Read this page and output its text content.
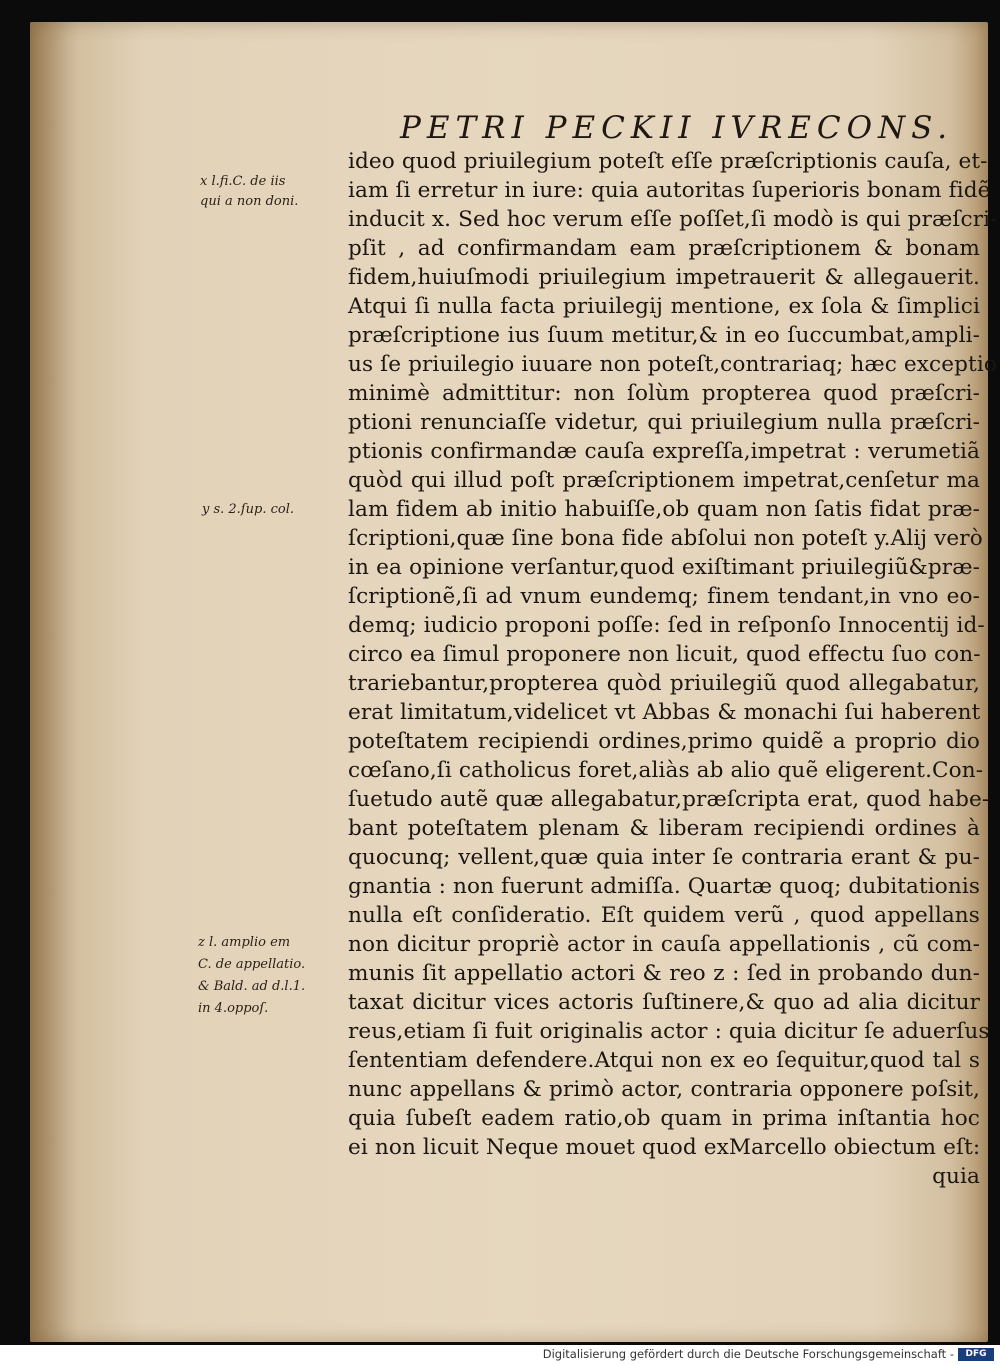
PETRI PECKII IVRECONS.
x l.fi.C. de iis
qui a non doni.
y s. 2.ſup. col.
z l. amplio em
C. de appellatio.
& Bald. ad d.l.1.
in 4.oppoſ.
ideo quod priuilegium poteſt eſſe præſcriptionis cauſa, et-
iam ſi erretur in iure: quia autoritas ſuperioris bonam fidẽ
inducit x. Sed hoc verum eſſe poſſet,ſi modò is qui præſcri-
pſit , ad confirmandam eam præſcriptionem & bonam
fidem,huiuſmodi priuilegium impetrauerit & allegauerit.
Atqui ſi nulla facta priuilegij mentione, ex ſola & ſimplici
præſcriptione ius ſuum metitur,& in eo ſuccumbat,ampli-
us ſe priuilegio iuuare non poteſt,contrariaq; hæc exceptio
minimè admittitur: non ſolùm propterea quod præſcri-
ptioni renunciaſſe videtur, qui priuilegium nulla præſcri-
ptionis confirmandæ cauſa expreſſa,impetrat : verumetiã
quòd qui illud poſt præſcriptionem impetrat,cenſetur ma
lam fidem ab initio habuiſſe,ob quam non ſatis fidat præ-
ſcriptioni,quæ ſine bona fide abſolui non poteſt y.Alij verò
in ea opinione verſantur,quod exiſtimant priuilegiũ&præ-
ſcriptionẽ,ſi ad vnum eundemq; finem tendant,in vno eo-
demq; iudicio proponi poſſe: ſed in reſponſo Innocentij id-
circo ea ſimul proponere non licuit, quod effectu ſuo con-
trariebantur,propterea quòd priuilegiũ quod allegabatur,
erat limitatum,videlicet vt Abbas & monachi ſui haberent
poteſtatem recipiendi ordines,primo quidẽ a proprio dio
cœſano,ſi catholicus foret,aliàs ab alio quẽ eligerent.Con-
ſuetudo autẽ quæ allegabatur,præſcripta erat, quod habe-
bant poteſtatem plenam & liberam recipiendi ordines à
quocunq; vellent,quæ quia inter ſe contraria erant & pu-
gnantia : non fuerunt admiſſa. Quartæ quoq; dubitationis
nulla eſt conſideratio. Eſt quidem verũ , quod appellans
non dicitur propriè actor in cauſa appellationis , cũ com-
munis ſit appellatio actori & reo z : ſed in probando dun-
taxat dicitur vices actoris ſuſtinere,& quo ad alia dicitur
reus,etiam ſi fuit originalis actor : quia dicitur ſe aduerſus
ſententiam defendere.Atqui non ex eo ſequitur,quod tal s
nunc appellans & primò actor, contraria opponere poſsit,
quia ſubeſt eadem ratio,ob quam in prima inſtantia hoc
ei non licuit Neque mouet quod exMarcello obiectum eſt:
quia
Digitalisierung gefördert durch die Deutsche Forschungsgemeinschaft -	DFG
